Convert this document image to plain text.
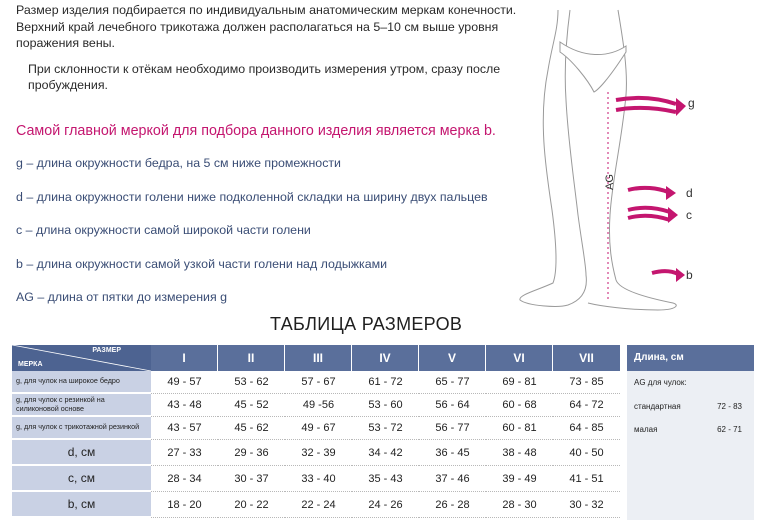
Размер изделия подбирается по индивидуальным анатомическим меркам конечности. Верхний край лечебного трикотажа должен располагаться на 5–10 см выше уровня поражения вены.

При склонности к отёкам необходимо производить измерения утром, сразу после пробуждения.

Самой главной меркой для подбора данного изделия является мерка b.
g – длина окружности бедра, на 5 см ниже промежности
d – длина окружности голени ниже подколенной складки на ширину двух пальцев
c – длина окружности самой широкой части голени
b – длина окружности самой узкой части голени над лодыжками
AG – длина от пятки до измерения g
g
d
c
b
AG
ТАБЛИЦА РАЗМЕРОВ
РАЗМЕР
МЕРКА	I	II	III	IV	V	VI	VII
g, для чулок на широкое бедро	49 - 57	53 - 62	57 - 67	61 - 72	65 - 77	69 - 81	73 - 85
g, для чулок с резинкой на силиконовой основе	43 - 48	45 - 52	49 -56	53 - 60	56 - 64	60 - 68	64 - 72
g, для чулок с трикотажной резинкой	43 - 57	45 - 62	49 - 67	53 - 72	56 - 77	60 - 81	64 - 85
d, см	27 - 33	29 - 36	32 - 39	34 - 42	36 - 45	38 - 48	40 - 50
c, см	28 - 34	30 - 37	33 - 40	35 - 43	37 - 46	39 - 49	41 - 51
b, см	18 - 20	20 - 22	22 - 24	24 - 26	26 - 28	28 - 30	30 - 32
Длина, см
AG для чулок:
стандартная	72 - 83
малая	62 - 71
